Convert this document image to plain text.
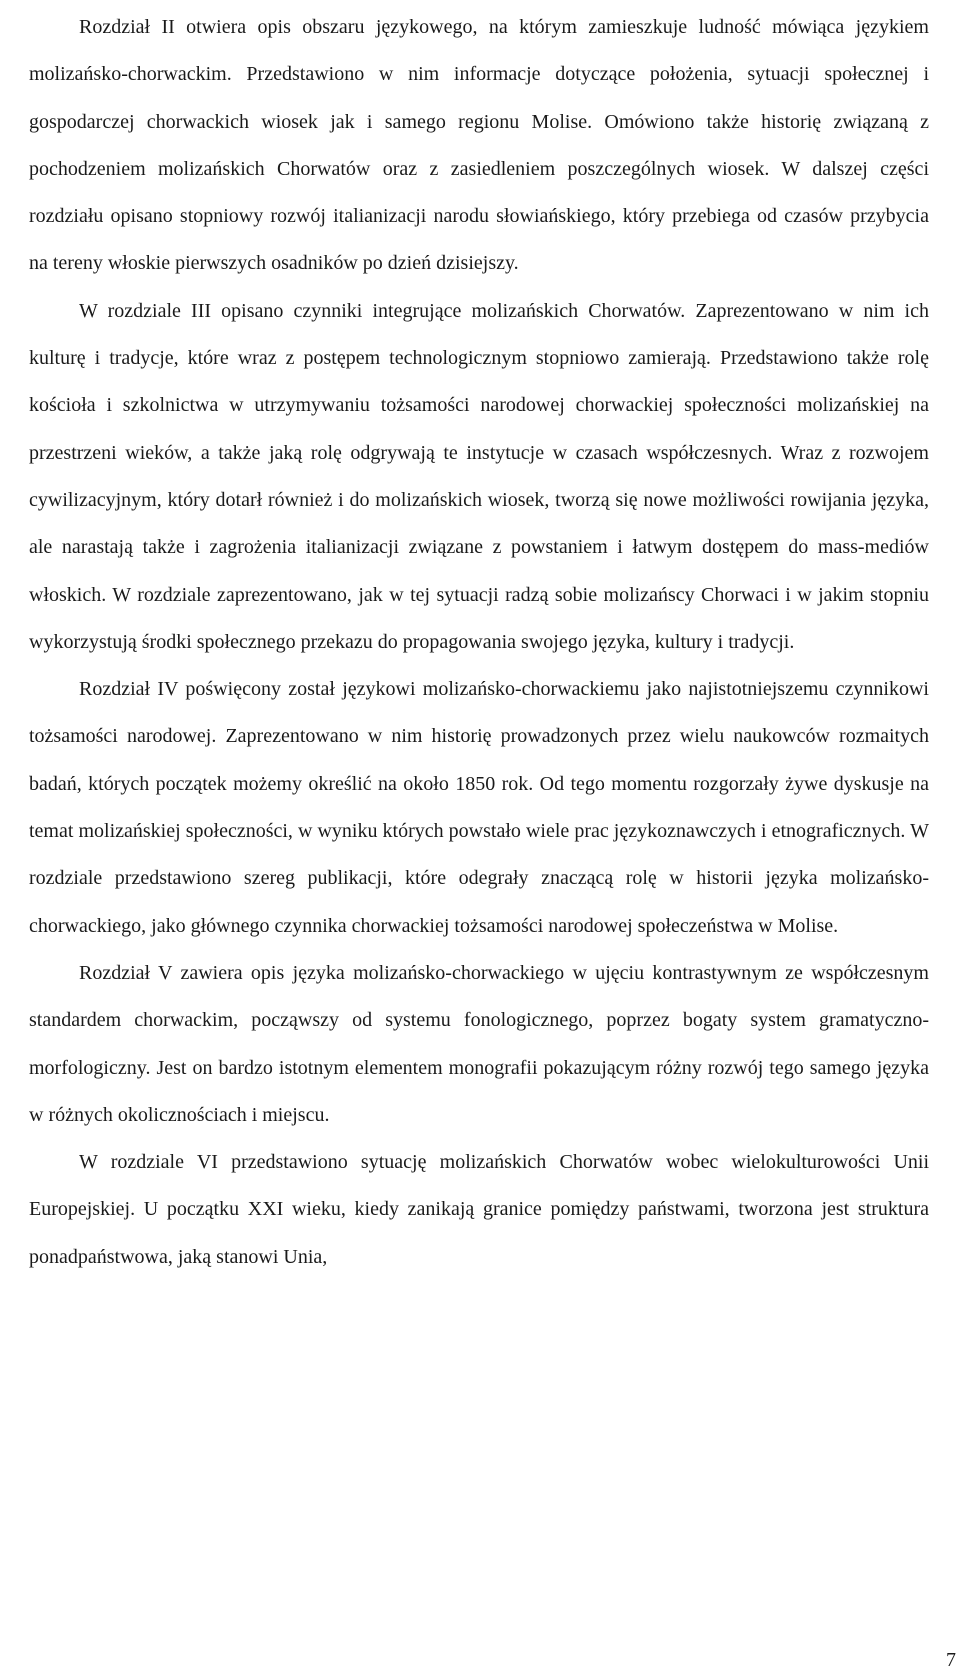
Rozdział II otwiera opis obszaru językowego, na którym zamieszkuje ludność mówiąca językiem molizańsko-chorwackim. Przedstawiono w nim informacje dotyczące położenia, sytuacji społecznej i gospodarczej chorwackich wiosek jak i samego regionu Molise. Omówiono także historię związaną z pochodzeniem molizańskich Chorwatów oraz z zasiedleniem poszczególnych wiosek. W dalszej części rozdziału opisano stopniowy rozwój italianizacji narodu słowiańskiego, który przebiega od czasów przybycia na tereny włoskie pierwszych osadników po dzień dzisiejszy.

W rozdziale III opisano czynniki integrujące molizańskich Chorwatów. Zaprezentowano w nim ich kulturę i tradycje, które wraz z postępem technologicznym stopniowo zamierają. Przedstawiono także rolę kościoła i szkolnictwa w utrzymywaniu tożsamości narodowej chorwackiej społeczności molizańskiej na przestrzeni wieków, a także jaką rolę odgrywają te instytucje w czasach współczesnych. Wraz z rozwojem cywilizacyjnym, który dotarł również i do molizańskich wiosek, tworzą się nowe możliwości rowijania języka, ale narastają także i zagrożenia italianizacji związane z powstaniem i łatwym dostępem do mass-mediów włoskich. W rozdziale zaprezentowano, jak w tej sytuacji radzą sobie molizańscy Chorwaci i w jakim stopniu wykorzystują środki społecznego przekazu do propagowania swojego języka, kultury i tradycji.

Rozdział IV poświęcony został językowi molizańsko-chorwackiemu jako najistotniejszemu czynnikowi tożsamości narodowej. Zaprezentowano w nim historię prowadzonych przez wielu naukowców rozmaitych badań, których początek możemy określić na około 1850 rok. Od tego momentu rozgorzały żywe dyskusje na temat molizańskiej społeczności, w wyniku których powstało wiele prac językoznawczych i etnograficznych. W rozdziale przedstawiono szereg publikacji, które odegrały znaczącą rolę w historii języka molizańsko-chorwackiego, jako głównego czynnika chorwackiej tożsamości narodowej społeczeństwa w Molise.

Rozdział V zawiera opis języka molizańsko-chorwackiego w ujęciu kontrastywnym ze współczesnym standardem chorwackim, począwszy od systemu fonologicznego, poprzez bogaty system gramatyczno-morfologiczny. Jest on bardzo istotnym elementem monografii pokazującym różny rozwój tego samego języka w różnych okolicznościach i miejscu.

W rozdziale VI przedstawiono sytuację molizańskich Chorwatów wobec wielokulturowości Unii Europejskiej. U początku XXI wieku, kiedy zanikają granice pomiędzy państwami, tworzona jest struktura ponadpaństwowa, jaką stanowi Unia,

7
